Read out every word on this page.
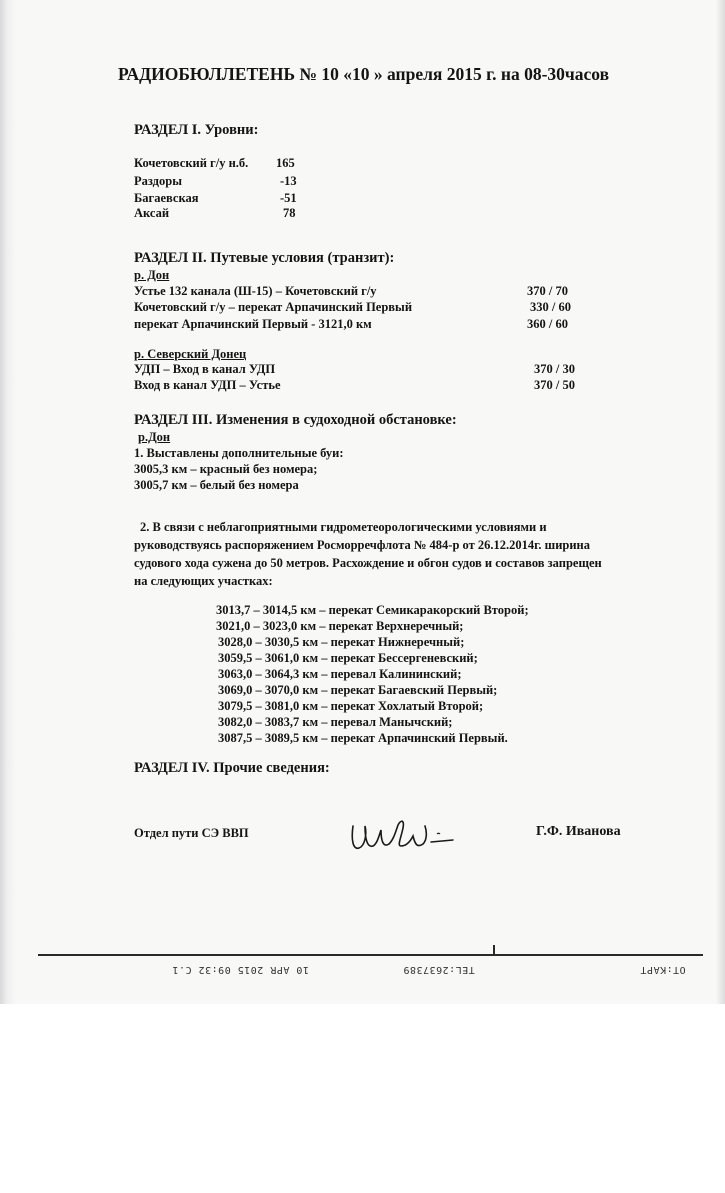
РАДИОБЮЛЛЕТЕНЬ № 10 «10 » апреля 2015 г. на 08-30часов
РАЗДЕЛ I. Уровни:
Кочетовский г/у н.б. 165
Раздоры	-13
Багаевская	-51
Аксай	78
РАЗДЕЛ II. Путевые условия (транзит):
р. Дон
Устье 132 канала (Ш-15) – Кочетовский г/у	370 / 70
Кочетовский г/у – перекат Арпачинский Первый	330 / 60
перекат Арпачинский Первый - 3121,0 км	360 / 60
р. Северский Донец
УДП – Вход в канал УДП	370 / 30
Вход в канал УДП – Устье	370 / 50
РАЗДЕЛ III. Изменения в судоходной обстановке:
р.Дон
1. Выставлены дополнительные буи:
3005,3 км – красный без номера;
3005,7 км – белый без номера

2. В связи с неблагоприятными гидрометеорологическими условиями и

руководствуясь распоряжением Росморречфлота № 484-р от 26.12.2014г. ширина

судового хода сужена до 50 метров. Расхождение и обгон судов и составов запрещен

на следующих участках:

3013,7 – 3014,5 км – перекат Семикаракорский Второй;
3021,0 – 3023,0 км – перекат Верхнеречный;
3028,0 – 3030,5 км – перекат Нижнеречный;
3059,5 – 3061,0 км – перекат Бессергеневский;
3063,0 – 3064,3 км – перевал Калининский;
3069,0 – 3070,0 км – перекат Багаевский Первый;
3079,5 – 3081,0 км – перекат Хохлатый Второй;
3082,0 – 3083,7 км – перевал Манычский;
3087,5 – 3089,5 км – перекат Арпачинский Первый.
РАЗДЕЛ IV. Прочие сведения:
Отдел пути СЭ ВВП	Г.Ф. Иванова
10 APR 2015 09:32 C.1	TEL:2637389	OT:KAPT
